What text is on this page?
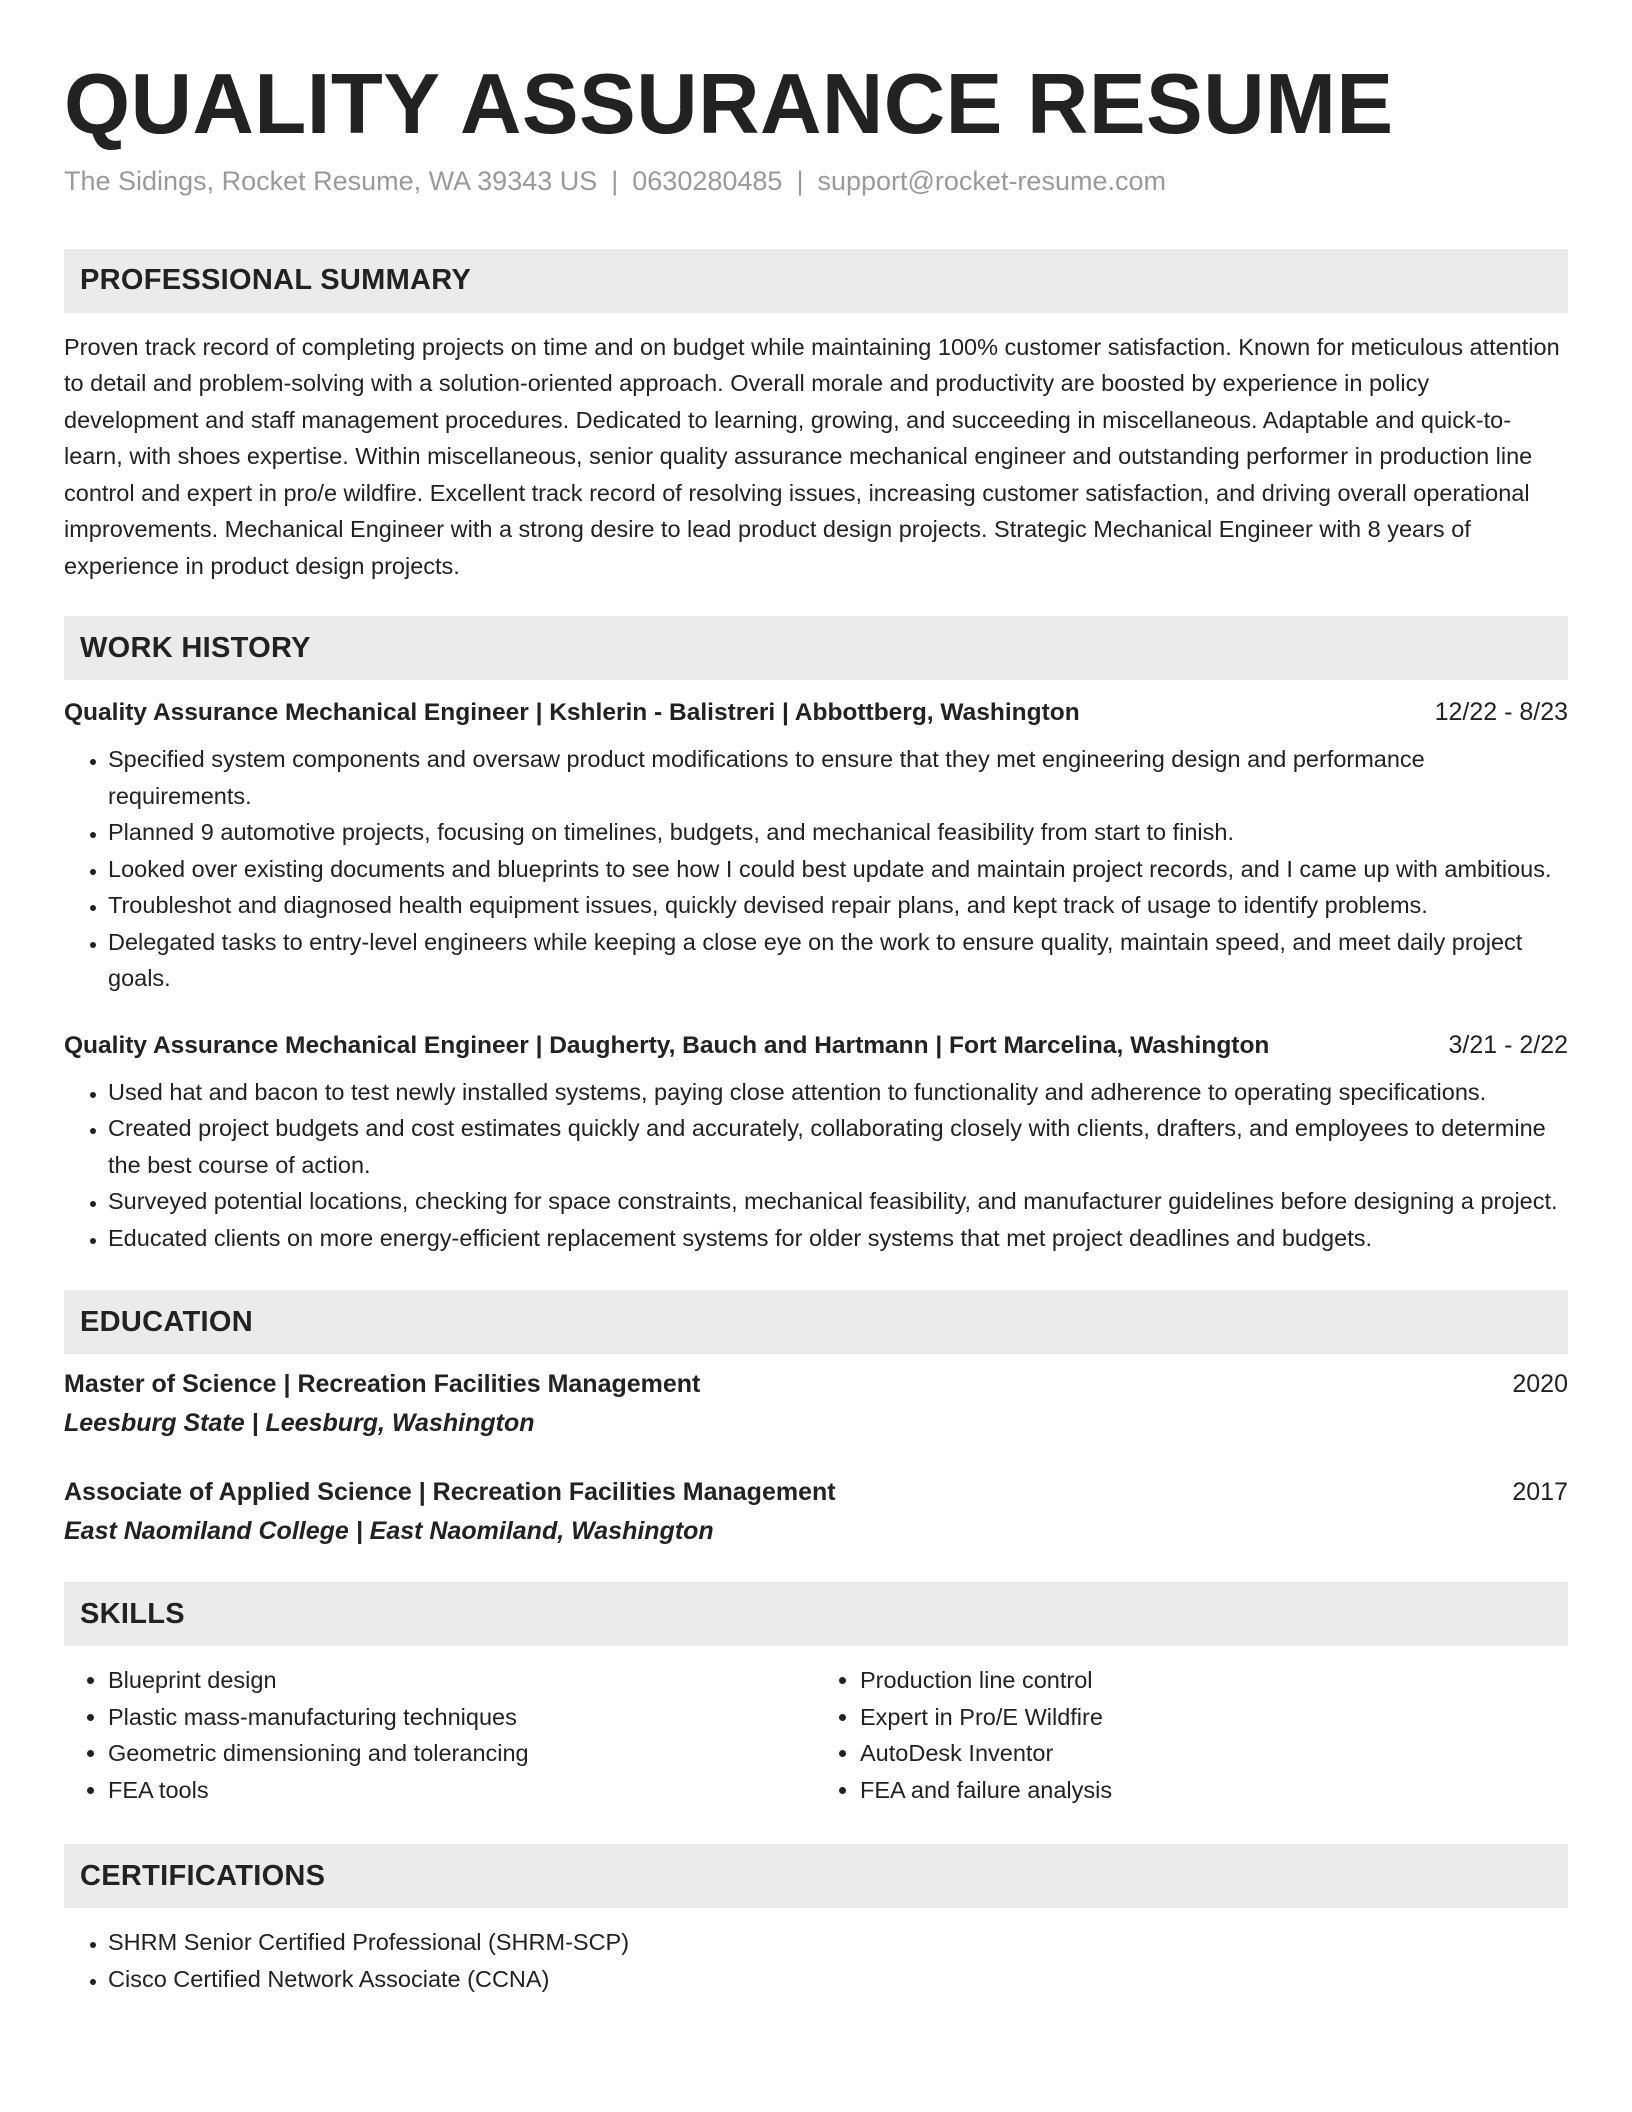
QUALITY ASSURANCE RESUME
The Sidings, Rocket Resume, WA 39343 US | 0630280485 | support@rocket-resume.com
PROFESSIONAL SUMMARY

Proven track record of completing projects on time and on budget while maintaining 100% customer satisfaction. Known for meticulous attention to detail and problem-solving with a solution-oriented approach. Overall morale and productivity are boosted by experience in policy development and staff management procedures. Dedicated to learning, growing, and succeeding in miscellaneous. Adaptable and quick-to-learn, with shoes expertise. Within miscellaneous, senior quality assurance mechanical engineer and outstanding performer in production line control and expert in pro/e wildfire. Excellent track record of resolving issues, increasing customer satisfaction, and driving overall operational improvements. Mechanical Engineer with a strong desire to lead product design projects. Strategic Mechanical Engineer with 8 years of experience in product design projects.

WORK HISTORY
Quality Assurance Mechanical Engineer | Kshlerin - Balistreri | Abbottberg, Washington	12/22 - 8/23
• Specified system components and oversaw product modifications to ensure that they met engineering design and performance requirements.
• Planned 9 automotive projects, focusing on timelines, budgets, and mechanical feasibility from start to finish.
• Looked over existing documents and blueprints to see how I could best update and maintain project records, and I came up with ambitious.
• Troubleshot and diagnosed health equipment issues, quickly devised repair plans, and kept track of usage to identify problems.
• Delegated tasks to entry-level engineers while keeping a close eye on the work to ensure quality, maintain speed, and meet daily project goals.
Quality Assurance Mechanical Engineer | Daugherty, Bauch and Hartmann | Fort Marcelina, Washington	3/21 - 2/22
• Used hat and bacon to test newly installed systems, paying close attention to functionality and adherence to operating specifications.
• Created project budgets and cost estimates quickly and accurately, collaborating closely with clients, drafters, and employees to determine the best course of action.
• Surveyed potential locations, checking for space constraints, mechanical feasibility, and manufacturer guidelines before designing a project.
• Educated clients on more energy-efficient replacement systems for older systems that met project deadlines and budgets.
EDUCATION
Master of Science | Recreation Facilities Management	2020
Leesburg State | Leesburg, Washington
Associate of Applied Science | Recreation Facilities Management	2017
East Naomiland College | East Naomiland, Washington
SKILLS
• Blueprint design
• Plastic mass-manufacturing techniques
• Geometric dimensioning and tolerancing
• FEA tools
• Production line control
• Expert in Pro/E Wildfire
• AutoDesk Inventor
• FEA and failure analysis
CERTIFICATIONS
• SHRM Senior Certified Professional (SHRM-SCP)
• Cisco Certified Network Associate (CCNA)
